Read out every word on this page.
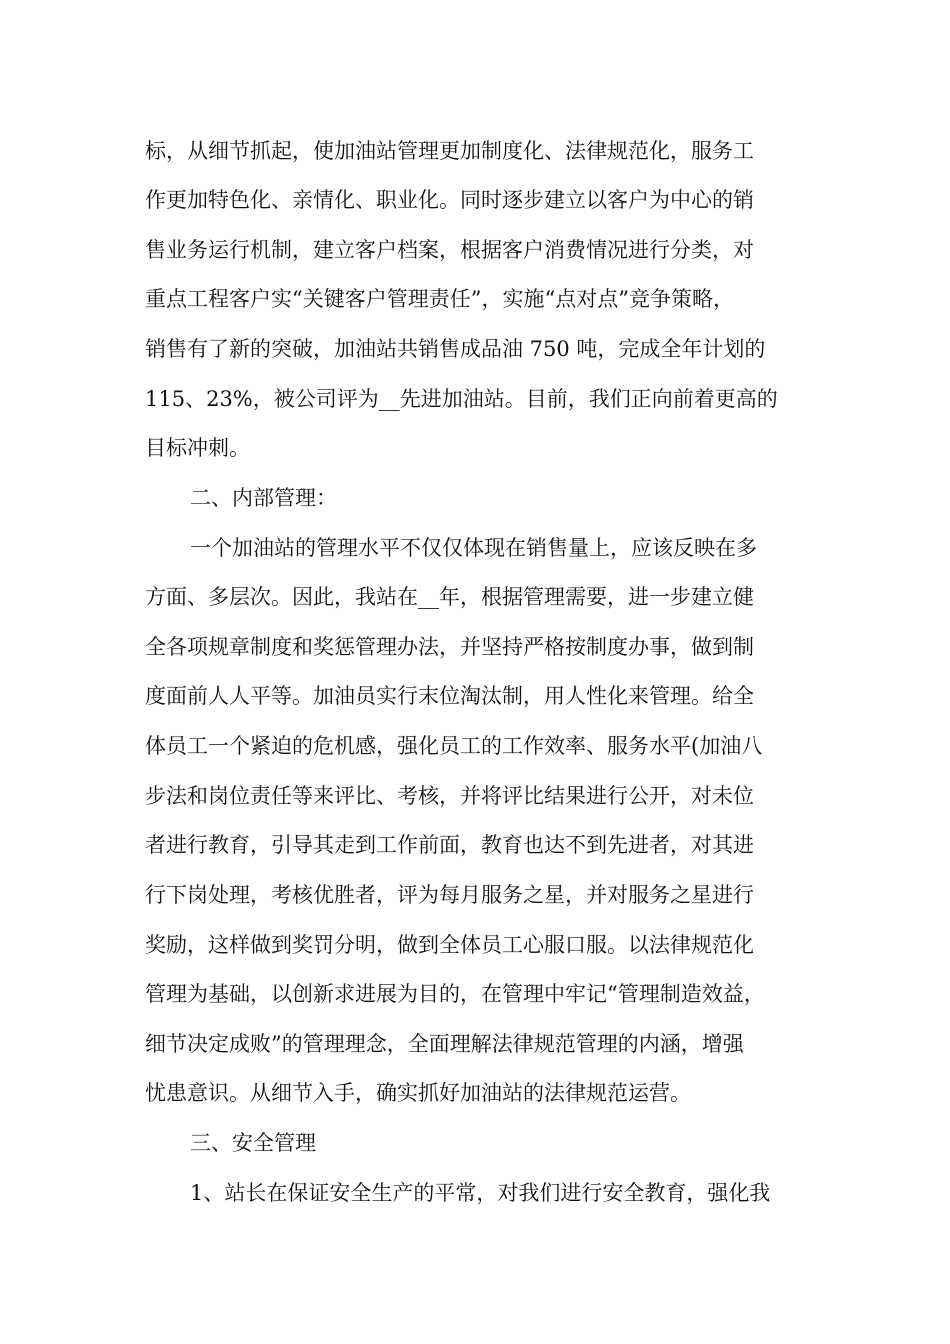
标，从细节抓起，使加油站管理更加制度化、法律规范化，服务工
作更加特色化、亲情化、职业化。同时逐步建立以客户为中心的销
售业务运行机制，建立客户档案，根据客户消费情况进行分类，对
重点工程客户实“关键客户管理责任”，实施“点对点”竞争策略，
销售有了新的突破，加油站共销售成品油 750 吨，完成全年计划的
115、23%，被公司评为__先进加油站。目前，我们正向前着更高的
目标冲刺。
二、内部管理：
一个加油站的管理水平不仅仅体现在销售量上，应该反映在多
方面、多层次。因此，我站在__年，根据管理需要，进一步建立健
全各项规章制度和奖惩管理办法，并坚持严格按制度办事，做到制
度面前人人平等。加油员实行末位淘汰制，用人性化来管理。给全
体员工一个紧迫的危机感，强化员工的工作效率、服务水平(加油八
步法和岗位责任等来评比、考核，并将评比结果进行公开，对未位
者进行教育，引导其走到工作前面，教育也达不到先进者，对其进
行下岗处理，考核优胜者，评为每月服务之星，并对服务之星进行
奖励，这样做到奖罚分明，做到全体员工心服口服。以法律规范化
管理为基础，以创新求进展为目的，在管理中牢记“管理制造效益，
细节决定成败”的管理理念，全面理解法律规范管理的内涵，增强
忧患意识。从细节入手，确实抓好加油站的法律规范运营。
三、安全管理
1、站长在保证安全生产的平常，对我们进行安全教育，强化我
